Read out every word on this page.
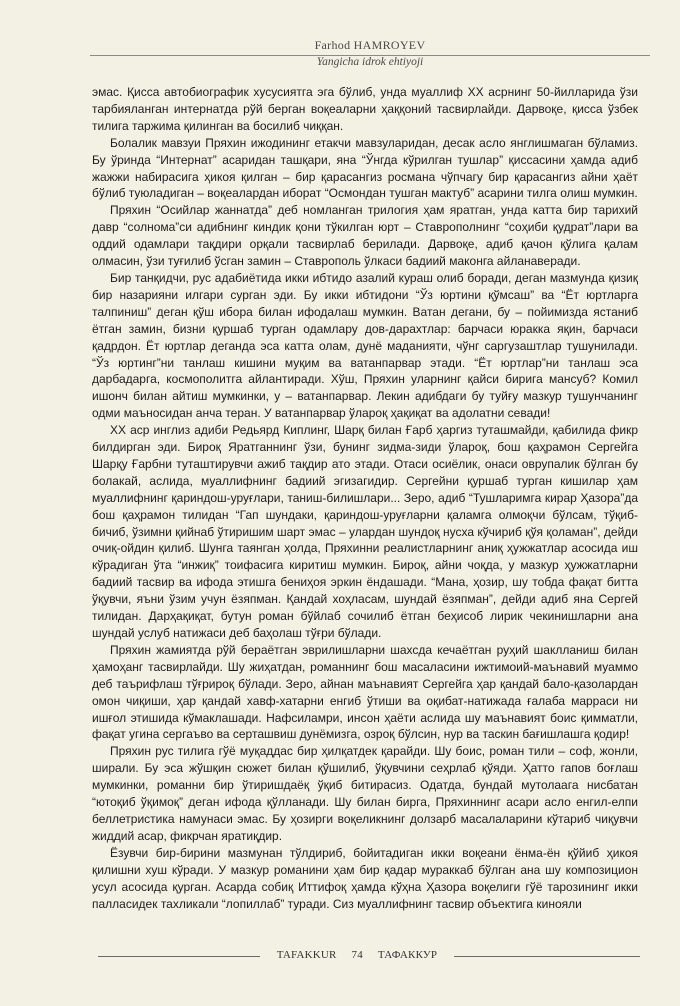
Farhod HAMROYEV
Yangicha idrok ehtiyoji

эмас. Қисса автобиографик хусусиятга эга бўлиб, унда муаллиф XX асрнинг 50-йилларида ўзи тарбияланган интернатда рўй берган воқеаларни ҳаққоний тасвирлайди. Дарвоқе, қисса ўзбек тилига таржима қилинган ва босилиб чиққан.

Болалик мавзуи Пряхин ижодининг етакчи мавзуларидан, десак асло янглишмаган бўламиз. Бу ўринда “Интернат” асаридан ташқари, яна “Ўнгда кўрилган тушлар” қиссасини ҳамда адиб жажжи набирасига ҳикоя қилган – бир қарасангиз росмана чўпчагу бир қарасангиз айни ҳаёт бўлиб туюладиган – воқеалардан иборат “Осмондан тушган мактуб” асарини тилга олиш мумкин.

Пряхин “Осийлар жаннатда” деб номланган трилогия ҳам яратган, унда катта бир тарихий давр “солнома”си адибнинг киндик қони тўкилган юрт – Ставрополнинг “соҳиби қудрат”лари ва оддий одамлари тақдири орқали тасвирлаб берилади. Дарвоқе, адиб қачон қўлига қалам олмасин, ўзи туғилиб ўсган замин – Ставрополь ўлкаси бадиий маконга айланаверади.

Бир танқидчи, рус адабиётида икки ибтидо азалий кураш олиб боради, деган мазмунда қизиқ бир назарияни илгари сурган эди. Бу икки ибтидони “Ўз юртини қўмсаш” ва “Ёт юртларга талпиниш” деган қўш ибора билан ифодалаш мумкин. Ватан дегани, бу – пойимизда ястаниб ётган замин, бизни қуршаб турган одамлару дов-дарахтлар: барчаси юракка яқин, барчаси қадрдон. Ёт юртлар деганда эса катта олам, дунё маданияти, чўнг саргузаштлар тушунилади. “Ўз юртинг”ни танлаш кишини муқим ва ватанпарвар этади. “Ёт юртлар”ни танлаш эса дарбадарга, космополитга айлантиради. Хўш, Пряхин уларнинг қайси бирига мансуб? Комил ишонч билан айтиш мумкинки, у – ватанпарвар. Лекин адибдаги бу туйғу мазкур тушунчанинг одми маъносидан анча теран. У ватанпарвар ўлароқ ҳақиқат ва адолатни севади!

XX аср инглиз адиби Редьярд Киплинг, Шарқ билан Ғарб ҳаргиз туташмайди, қабилида фикр билдирган эди. Бироқ Яратганнинг ўзи, бунинг зидма-зиди ўлароқ, бош қаҳрамон Сергейга Шарқу Ғарбни туташтирувчи ажиб тақдир ато этади. Отаси осиёлик, онаси оврупалик бўлган бу болакай, аслида, муаллифнинг бадиий эгизагидир. Сергейни қуршаб турган кишилар ҳам муаллифнинг қариндош-уруғлари, таниш-билишлари... Зеро, адиб “Тушларимга кирар Ҳазора”да бош қаҳрамон тилидан “Гап шундаки, қариндош-уруғларни қаламга олмоқчи бўлсам, тўқиб-бичиб, ўзимни қийнаб ўтиришим шарт эмас – улардан шундоқ нусха кўчириб қўя қоламан”, дейди очиқ-ойдин қилиб. Шунга таянган ҳолда, Пряхинни реалистларнинг аниқ ҳужжатлар асосида иш кўрадиган ўта “инжиқ” тоифасига киритиш мумкин. Бироқ, айни чоқда, у мазкур ҳужжатларни бадиий тасвир ва ифода этишга бениҳоя эркин ёндашади. “Мана, ҳозир, шу тобда фақат битта ўқувчи, яъни ўзим учун ёзяпман. Қандай хоҳласам, шундай ёзяпман”, дейди адиб яна Сергей тилидан. Дарҳақиқат, бутун роман бўйлаб сочилиб ётган беҳисоб лирик чекинишларни ана шундай услуб натижаси деб баҳолаш тўғри бўлади.

Пряхин жамиятда рўй бераётган эврилишларни шахсда кечаётган руҳий шаклланиш билан ҳамоҳанг тасвирлайди. Шу жиҳатдан, романнинг бош масаласини ижтимоий-маънавий муаммо деб таърифлаш тўғрироқ бўлади. Зеро, айнан маънавият Сергейга ҳар қандай бало-қазолардан омон чиқиши, ҳар қандай хавф-хатарни енгиб ўтиши ва оқибат-натижада ғалаба марраси ни ишғол этишида кўмаклашади. Нафсиламри, инсон ҳаёти аслида шу маънавият боис қимматли, фақат угина сергаъво ва серташвиш дунёмизга, озроқ бўлсин, нур ва таскин бағишлашга қодир!

Пряхин рус тилига гўё муқаддас бир ҳилқатдек қарайди. Шу боис, роман тили – соф, жонли, ширали. Бу эса жўшқин сюжет билан қўшилиб, ўқувчини сеҳрлаб қўяди. Ҳатто гапов боғлаш мумкинки, романни бир ўтиришдаёқ ўқиб битирасиз. Одатда, бундай мутолаага нисбатан “ютоқиб ўқимоқ” деган ифода қўлланади. Шу билан бирга, Пряхиннинг асари асло енгил-елпи беллетристика намунаси эмас. Бу ҳозирги воқеликнинг долзарб масалаларини кўтариб чиқувчи жиддий асар, фикрчан яратиқдир.

Ёзувчи бир-бирини мазмунан тўлдириб, бойитадиган икки воқеани ёнма-ён қўйиб ҳикоя қилишни хуш кўради. У мазкур романини ҳам бир қадар мураккаб бўлган ана шу композицион усул асосида қурган. Асарда собиқ Иттифоқ ҳамда кўҳна Ҳазора воқелиги гўё тарозининг икки палласидек тахликали “лопиллаб” туради. Сиз муаллифнинг тасвир объектига кинояли

TAFAKKUR 74 ТАФАККУР
